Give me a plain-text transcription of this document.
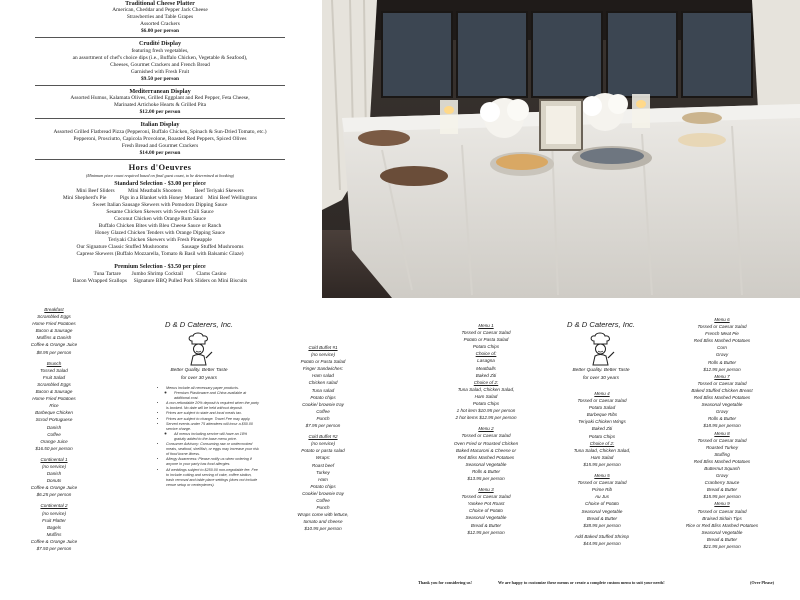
Traditional Cheese Platter
American, Cheddar and Pepper Jack Cheese
Strawberries and Table Grapes
Assorted Crackers
$6.00 per person
Crudité Display
featuring fresh vegetables,
an assortment of chef's choice dips (i.e., Buffalo Chicken, Vegetable & Seafood),
Cheeses, Gourmet Crackers and French Bread
Garnished with Fresh Fruit
$9.50 per person
Mediterranean Display
Assorted Humus, Kalamata Olives, Grilled Eggplant and Red Pepper, Feta Cheese,
Marinated Artichoke Hearts & Grilled Pita
$12.00 per person
Italian Display
Assorted Grilled Flatbread Pizza (Pepperoni, Buffalo Chicken, Spinach & Sun-Dried Tomato, etc.)
Pepperoni, Prosciutto, Capicola Provolone, Roasted Red Peppers, Spiced Olives
Fresh Bread and Gourmet Crackers
$14.00 per person
Hors d'Oeuvres
(Minimum piece count required based on final guest count, to be determined at booking)
Standard Selection - $3.00 per piece
Mini Beef Sliders          Mini Meatballs Shooters          Beef Teriyaki Skewers
Mini Shepherd's Pie          Pigs in a Blanket with Honey Mustard    Mini Beef Wellingtons
Sweet Italian Sausage Skewers with Pomodoro Dipping Sauce
Sesame Chicken Skewers with Sweet Chili Sauce
Coconut Chicken with Orange Rum Sauce
Buffalo Chicken Bites with Bleu Cheese Sauce or Ranch
Honey Glazed Chicken Tenders with Orange Dipping Sauce
Teriyaki Chicken Skewers with Fresh Pineapple
Our Signature Classic Stuffed Mushrooms          Sausage Stuffed Mushrooms
Caprese Skewers (Buffalo Mozzarella, Tomato & Basil with Balsamic Glaze)
Premium Selection - $3.50 per piece
Tuna Tartare        Jumbo Shrimp Cocktail          Clams Casino
Bacon Wrapped Scallops     Signature BBQ Pulled Pork Sliders on Mini Biscuits
Breakfast
Scrambled Eggs
Home Fried Potatoes
Bacon & Sausage
Muffins & Danish
Coffee & Orange Juice
$8.95 per person
Brunch
Tossed Salad
Fruit Salad
Scrambled Eggs
Bacon & Sausage
Home Fried Potatoes
Rice
Barbeque Chicken
Scrod Portuguese
Danish
Coffee
Orange Juice
$16.50 per person
Continental 1
(no service)
Danish
Donuts
Coffee & Orange Juice
$6.25 per person
Continental 2
(no service)
Fruit Platter
Bagels
Muffins
Coffee & Orange Juice
$7.50 per person
D & D Caterers, Inc.
Better Quality. Better Taste
for over 30 years
• Menus include all necessary paper products.
◦ Premium Plasticware and China available at additional cost.
• A non-refundable 20% deposit is required when the party is booked. No date will be held without deposit.
• Prices are subject to state and local meals tax.
• Prices are subject to change. Travel Fee may apply.
• Served events under 75 attendees will incur a $50.00 service charge.
◦ All menus including service will have an 18% gratuity added to the base menu price.
• Consumer Advisory: Consuming raw or undercooked meats, seafood, shellfish, or eggs may increase your risk of food borne illness.
• Allergy Awareness: Please notify us when ordering if anyone in your party has food allergies.
• All weddings subject to $250.00 non-negotiable fee. Fee to include cutting and serving of cake, coffee station, trash removal and table place settings (does not include venue setup or centerpieces).
Cold Buffet #1
(no service)
Potato or Pasta Salad
Finger Sandwiches:
Ham salad
Chicken salad
Tuna salad
Potato chips
Cookie/ brownie tray
Coffee
Punch
$7.95 per person
Cold Buffet #2
(no service)
Potato or pasta salad
Wraps:
Roast beef
Turkey
Ham
Potato chips
Cookie/ brownie tray
Coffee
Punch
Wraps come with lettuce,
tomato and cheese
$10.95 per person
Menu 1
Tossed or Caesar Salad
Potato or Pasta Salad
Potato Chips
Choice of:
Lasagna
Meatballs
Baked Ziti
Choice of 2:
Tuna Salad, Chicken Salad,
Ham Salad
Potato Chips
1 hot item $10.95 per person
2 hot items $12.95 per person
Menu 2
Tossed or Caesar Salad
Oven Fried or Roasted Chicken
Baked Macaroni & Cheese or
Red Bliss Mashed Potatoes
Seasonal Vegetable
Rolls & Butter
$13.95 per person
Menu 3
Tossed or Caesar Salad
Yankee Pot Roast
Choice of Potato
Seasonal Vegetable
Bread & Butter
$12.95 per person
D & D Caterers, Inc.
Better Quality. Better Taste
for over 30 years
Menu 4
Tossed or Caesar Salad
Potato Salad
Barbeque Ribs
Teriyaki Chicken Wings
Baked Ziti
Potato Chips
Choice of 2:
Tuna Salad, Chicken Salad,
Ham Salad
$15.95 per person
Menu 5
Tossed or Caesar Salad
Prime Rib
Au Jus
Choice of Potato
Seasonal Vegetable
Bread & Butter
$38.95 per person
Add Baked Stuffed Shrimp
$44.95 per person
Menu 6
Tossed or Caesar Salad
French Meat Pie
Red Bliss Mashed Potatoes
Corn
Gravy
Rolls & Butter
$12.95 per person
Menu 7
Tossed or Caesar Salad
Baked Stuffed Chicken Breast
Red Bliss Mashed Potatoes
Seasonal Vegetable
Gravy
Rolls & Butter
$18.95 per person
Menu 8
Tossed or Caesar Salad
Roasted Turkey
Stuffing
Red Bliss Mashed Potatoes
Butternut Squash
Gravy
Cranberry Sauce
Bread & Butter
$15.95 per person
Menu 9
Tossed or Caesar Salad
Braised Sirloin Tips
Rice or Red Bliss Mashed Potatoes
Seasonal Vegetable
Bread & Butter
$21.95 per person
Thank you for considering us!	We are happy to customize these menus or create a complete custom menu to suit your needs!	(Over Please)
